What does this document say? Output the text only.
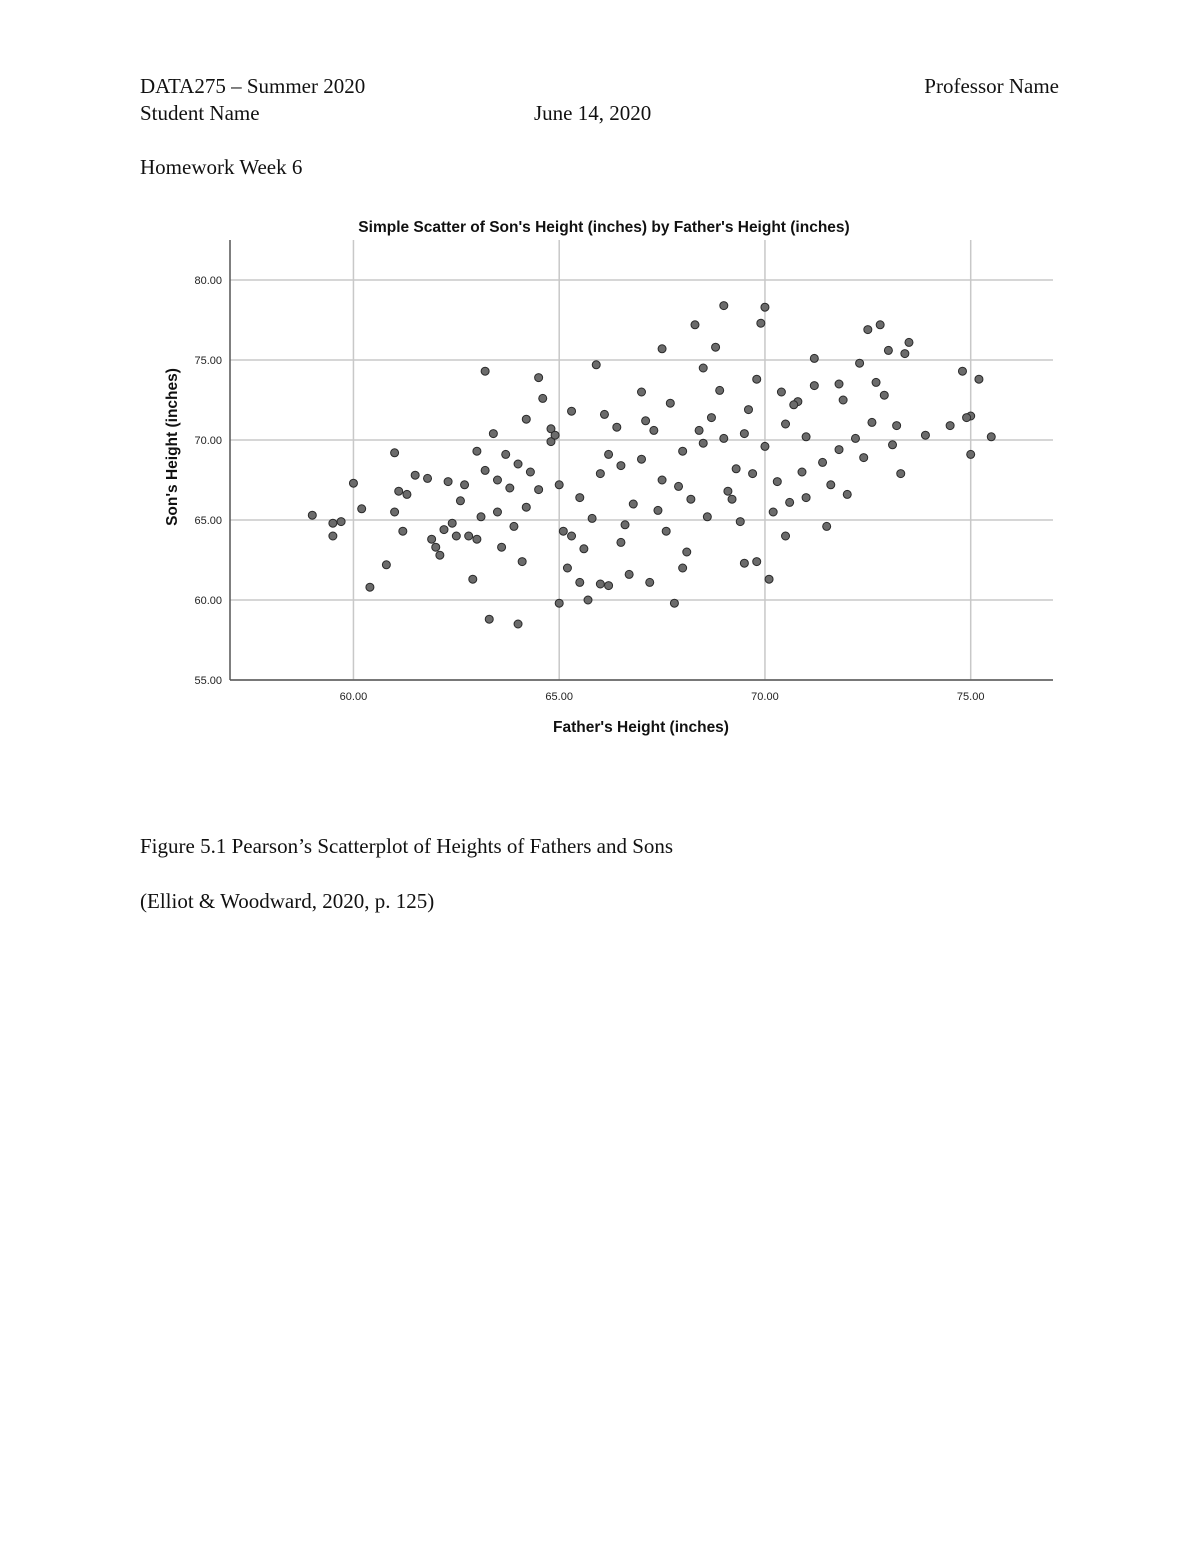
DATA275 – Summer 2020	Professor Name
Student Name	June 14, 2020
Homework Week 6
Simple Scatter of Son's Height (inches) by Father's Height (inches)
60.00	65.00	70.00	75.00
55.00
60.00
65.00
70.00
75.00
80.00
Father's Height (inches)
Son's Height (inches)
Figure 5.1 Pearson’s Scatterplot of Heights of Fathers and Sons
(Elliot & Woodward, 2020, p. 125)
